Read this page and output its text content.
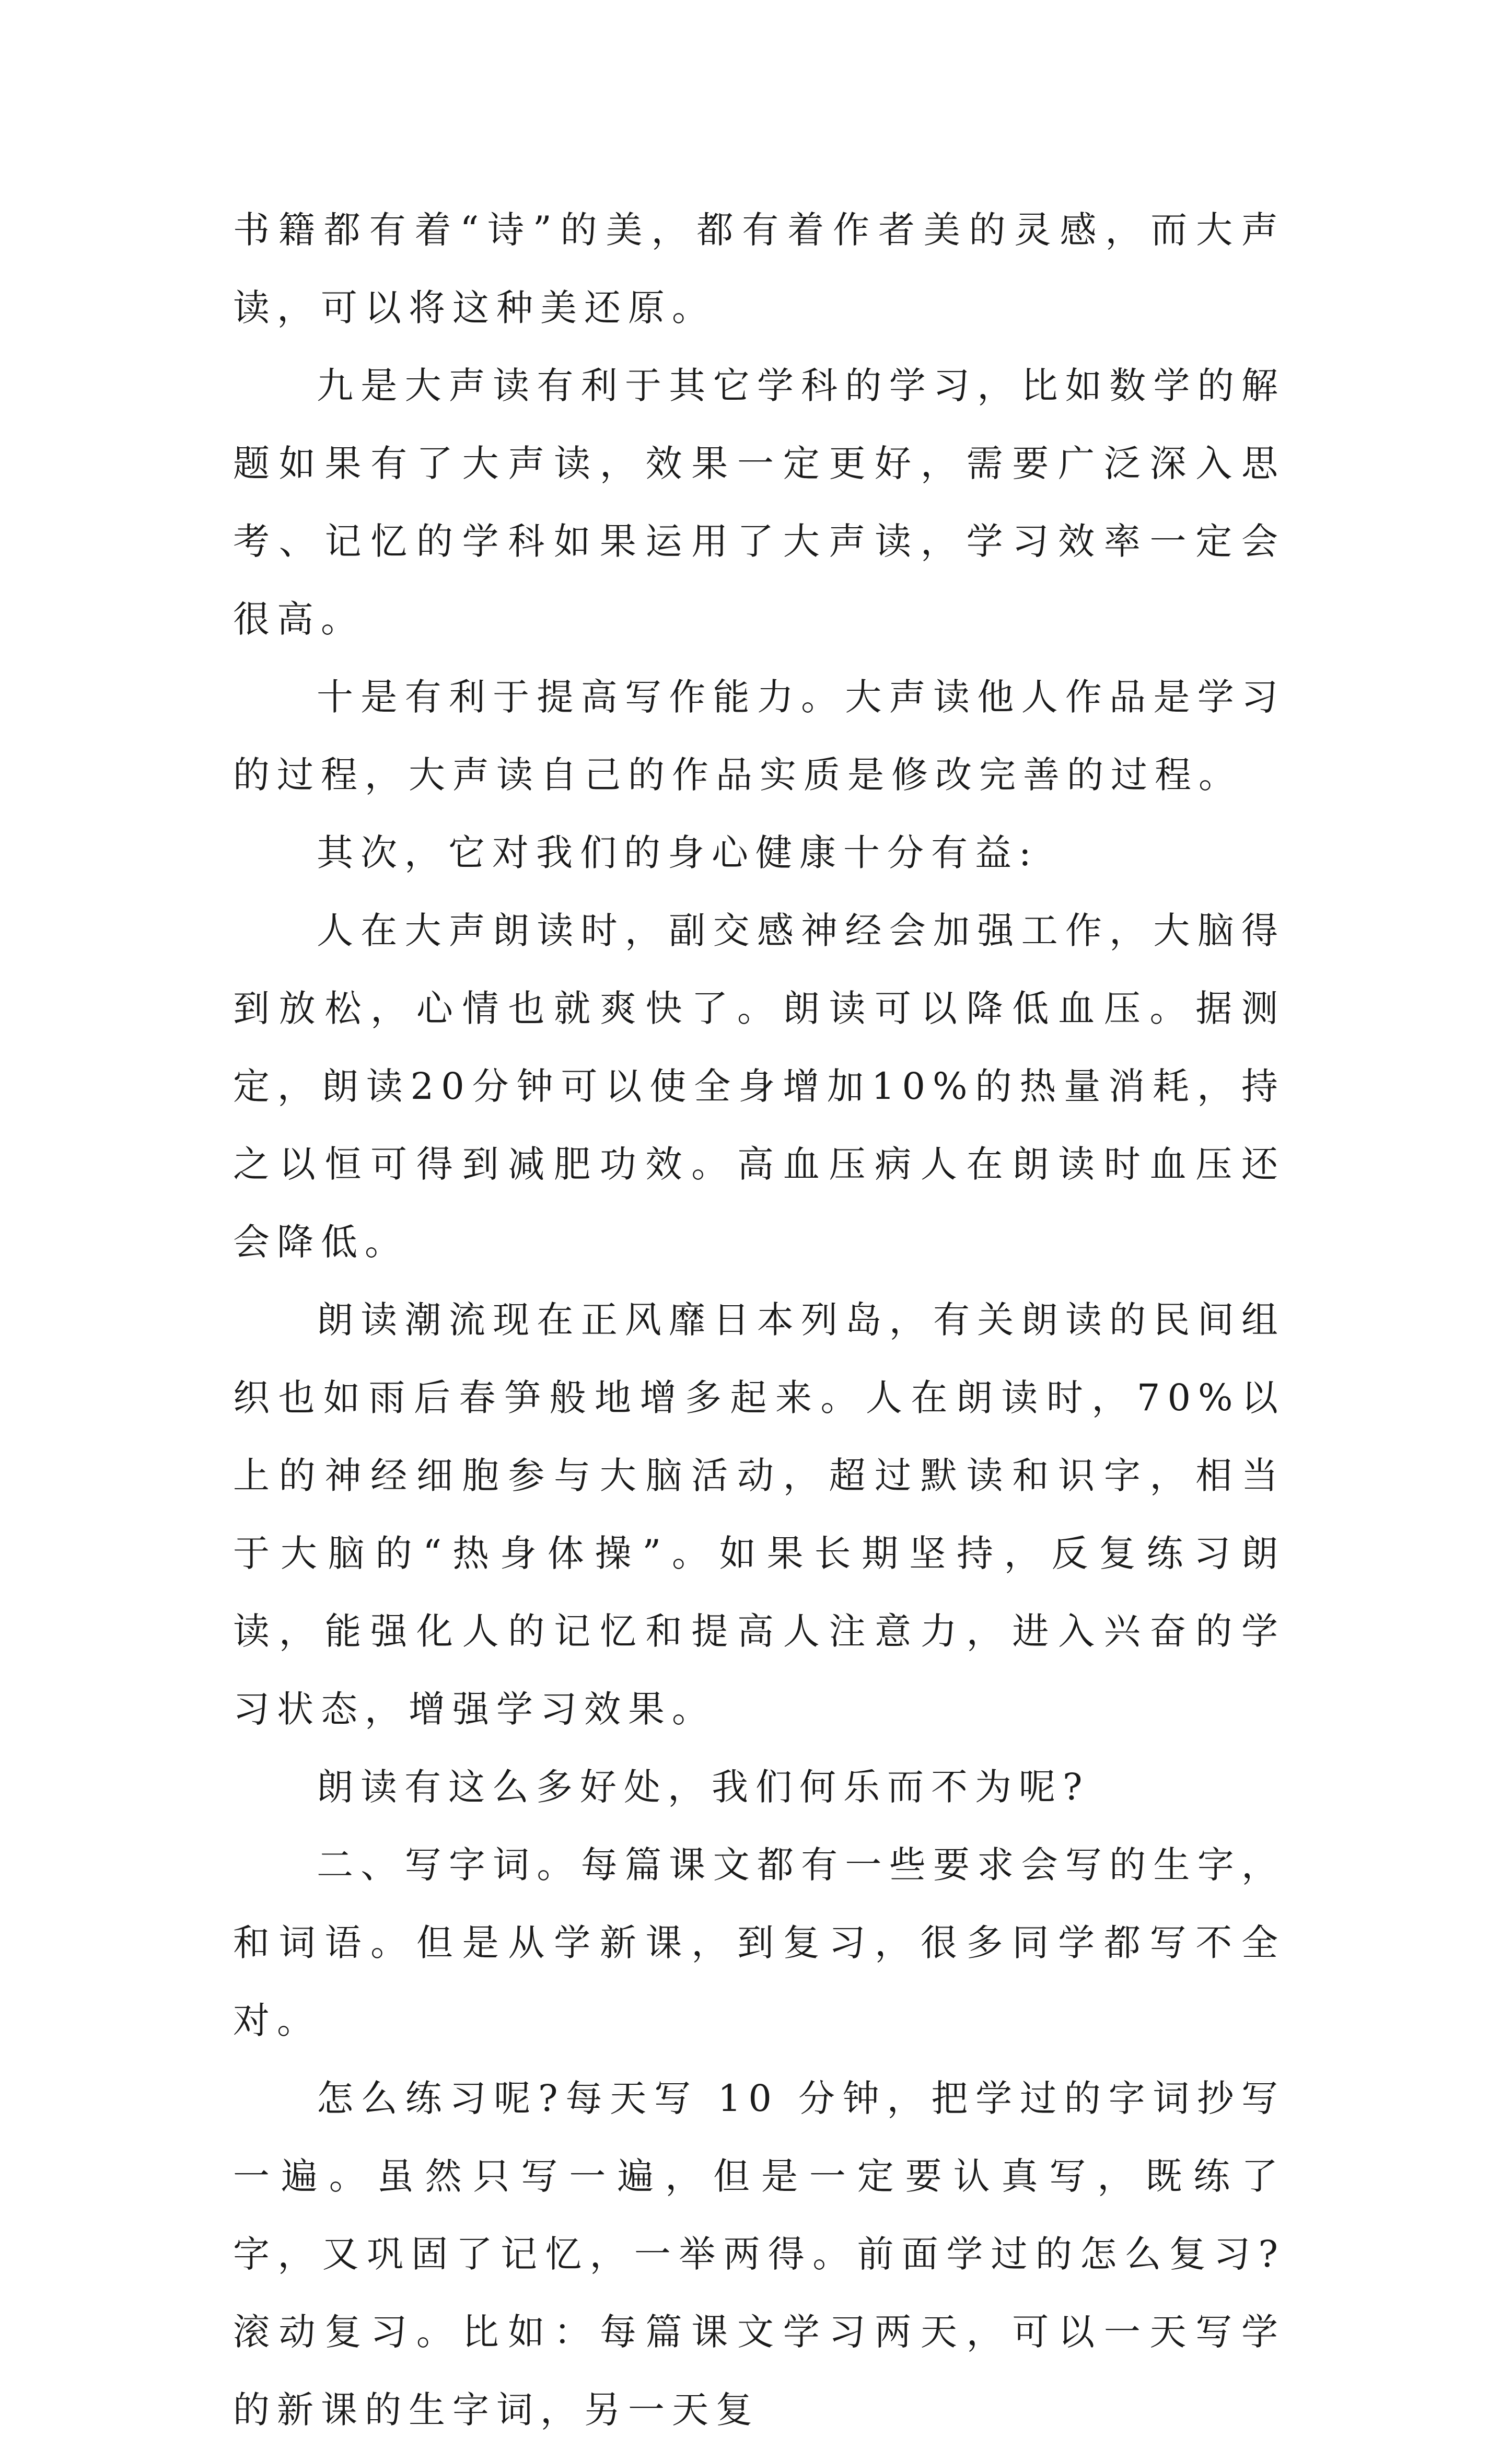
书籍都有着“诗”的美，都有着作者美的灵感，而大声读，可以将这种美还原。

九是大声读有利于其它学科的学习，比如数学的解题如果有了大声读，效果一定更好，需要广泛深入思考、记忆的学科如果运用了大声读，学习效率一定会很高。

十是有利于提高写作能力。大声读他人作品是学习的过程，大声读自己的作品实质是修改完善的过程。

其次，它对我们的身心健康十分有益:

人在大声朗读时，副交感神经会加强工作，大脑得到放松，心情也就爽快了。朗读可以降低血压。据测定，朗读20分钟可以使全身增加10%的热量消耗，持之以恒可得到减肥功效。高血压病人在朗读时血压还会降低。

朗读潮流现在正风靡日本列岛，有关朗读的民间组织也如雨后春笋般地增多起来。人在朗读时，70%以上的神经细胞参与大脑活动，超过默读和识字，相当于大脑的“热身体操”。如果长期坚持，反复练习朗读，能强化人的记忆和提高人注意力，进入兴奋的学习状态，增强学习效果。

朗读有这么多好处，我们何乐而不为呢?

二、写字词。每篇课文都有一些要求会写的生字，和词语。但是从学新课，到复习，很多同学都写不全对。

怎么练习呢?每天写 10 分钟，把学过的字词抄写一遍。虽然只写一遍，但是一定要认真写，既练了字，又巩固了记忆，一举两得。前面学过的怎么复习?滚动复习。比如：每篇课文学习两天，可以一天写学的新课的生字词，另一天复
